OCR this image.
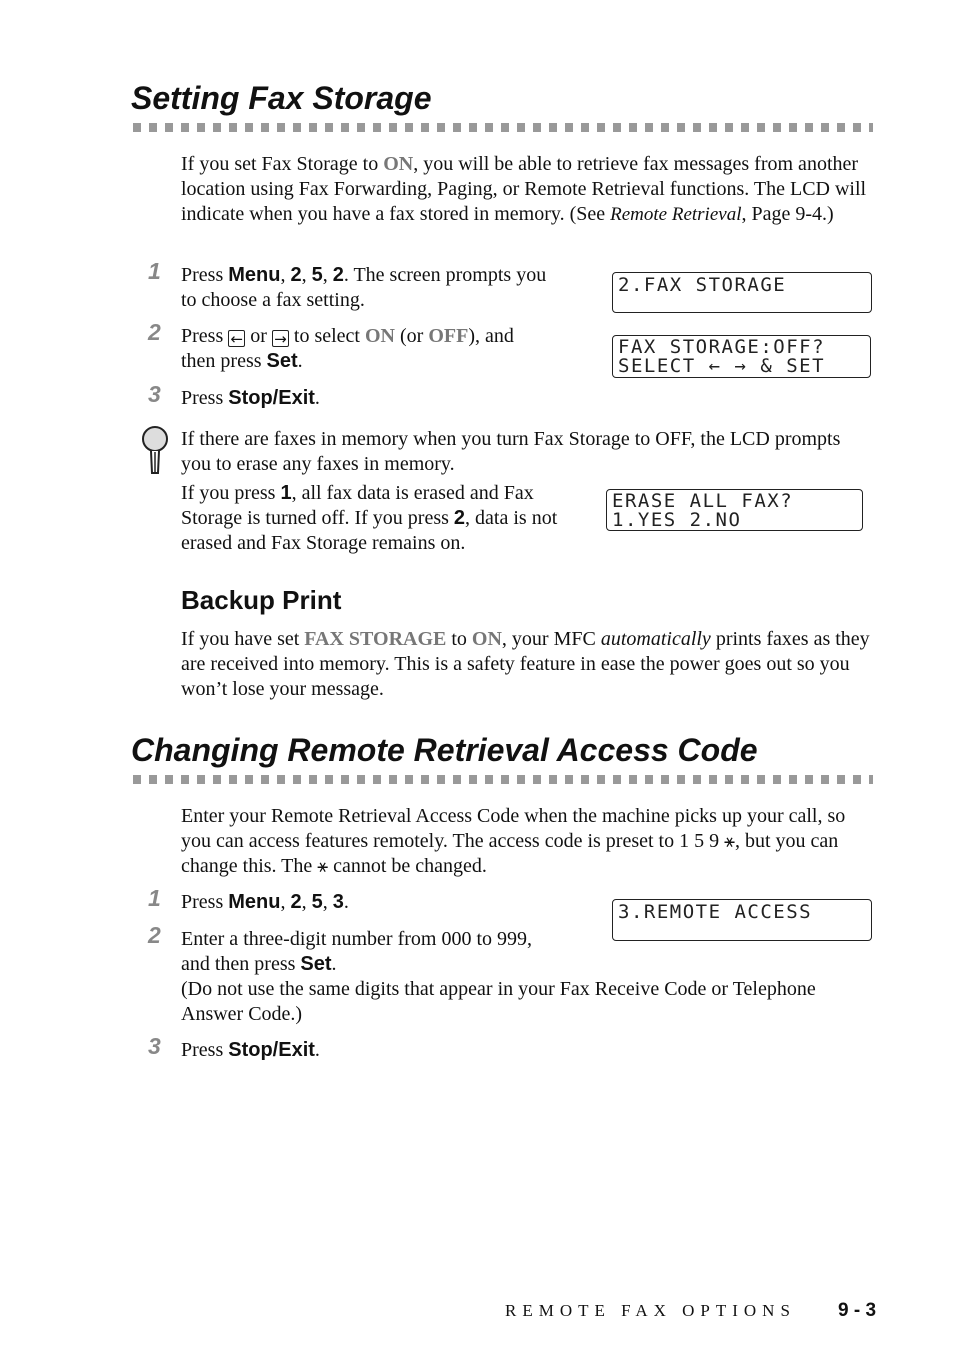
Setting Fax Storage
If you set Fax Storage to ON, you will be able to retrieve fax messages from another location using Fax Forwarding, Paging, or Remote Retrieval functions. The LCD will indicate when you have a fax stored in memory. (See Remote Retrieval, Page 9-4.)
1 Press Menu, 2, 5, 2. The screen prompts you to choose a fax setting.
2 Press ← or → to select ON (or OFF), and then press Set.
3 Press Stop/Exit.
2.FAX STORAGE
FAX STORAGE:OFF?
SELECT ← → & SET
If there are faxes in memory when you turn Fax Storage to OFF, the LCD prompts you to erase any faxes in memory.
If you press 1, all fax data is erased and Fax Storage is turned off. If you press 2, data is not erased and Fax Storage remains on.
ERASE ALL FAX?
1.YES 2.NO
Backup Print
If you have set FAX STORAGE to ON, your MFC automatically prints faxes as they are received into memory. This is a safety feature in ease the power goes out so you won’t lose your message.
Changing Remote Retrieval Access Code
Enter your Remote Retrieval Access Code when the machine picks up your call, so you can access features remotely. The access code is preset to 1 5 9 ⚹, but you can change this. The ⚹ cannot be changed.
1 Press Menu, 2, 5, 3.
2 Enter a three-digit number from 000 to 999, and then press Set.
(Do not use the same digits that appear in your Fax Receive Code or Telephone Answer Code.)
3 Press Stop/Exit.
3.REMOTE ACCESS
REMOTE FAX OPTIONS 9 - 3
